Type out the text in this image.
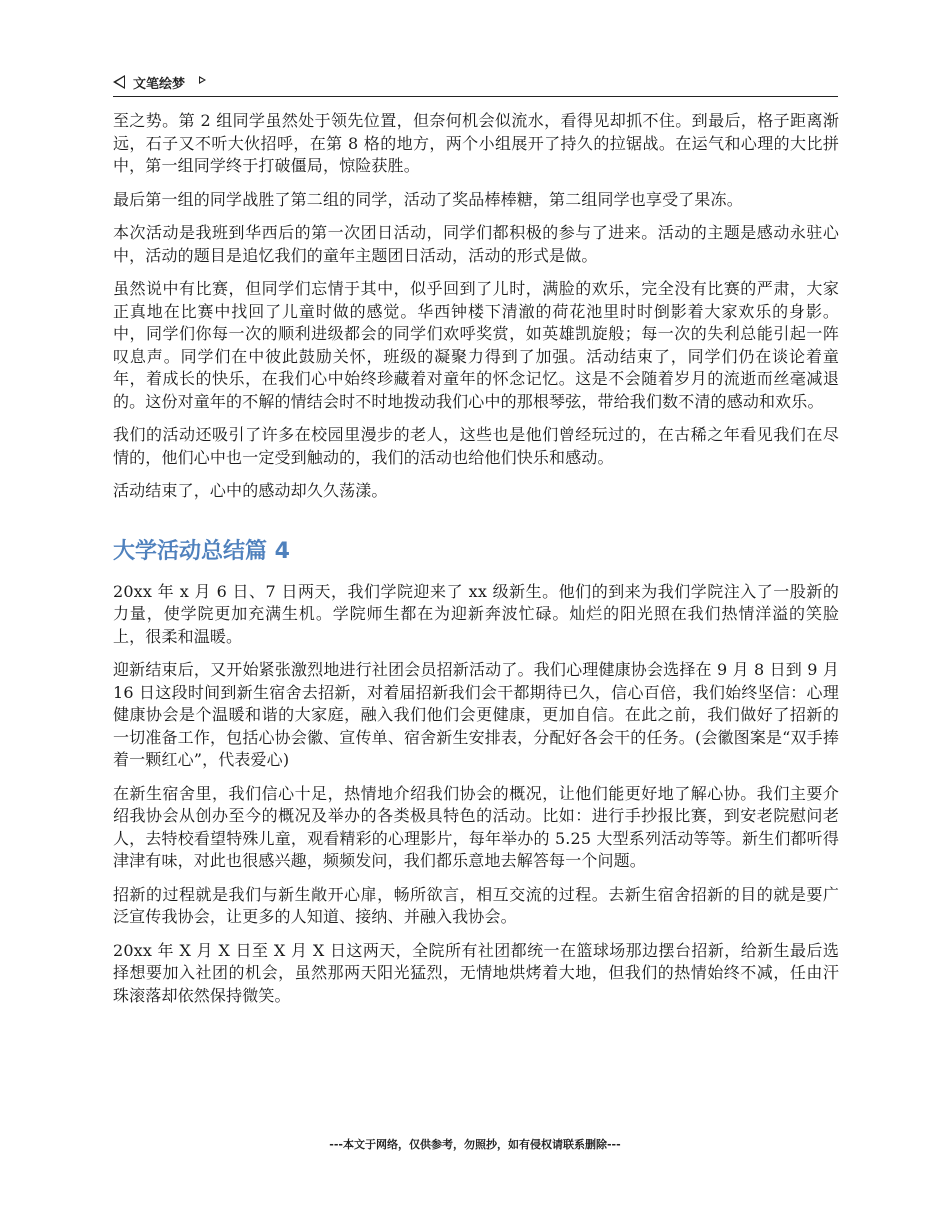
文笔绘梦

至之势。第 2 组同学虽然处于领先位置，但奈何机会似流水，看得见却抓不住。到最后，格子距离渐远，石子又不听大伙招呼，在第 8 格的地方，两个小组展开了持久的拉锯战。在运气和心理的大比拼中，第一组同学终于打破僵局，惊险获胜。

最后第一组的同学战胜了第二组的同学，活动了奖品棒棒糖，第二组同学也享受了果冻。

本次活动是我班到华西后的第一次团日活动，同学们都积极的参与了进来。活动的主题是感动永驻心中，活动的题目是追忆我们的童年主题团日活动，活动的形式是做。

虽然说中有比赛，但同学们忘情于其中，似乎回到了儿时，满脸的欢乐，完全没有比赛的严肃，大家正真地在比赛中找回了儿童时做的感觉。华西钟楼下清澈的荷花池里时时倒影着大家欢乐的身影。中，同学们你每一次的顺利进级都会的同学们欢呼奖赏，如英雄凯旋般；每一次的失利总能引起一阵叹息声。同学们在中彼此鼓励关怀，班级的凝聚力得到了加强。活动结束了，同学们仍在谈论着童年，着成长的快乐，在我们心中始终珍藏着对童年的怀念记忆。这是不会随着岁月的流逝而丝毫减退的。这份对童年的不解的情结会时不时地拨动我们心中的那根琴弦，带给我们数不清的感动和欢乐。

我们的活动还吸引了许多在校园里漫步的老人，这些也是他们曾经玩过的，在古稀之年看见我们在尽情的，他们心中也一定受到触动的，我们的活动也给他们快乐和感动。

活动结束了，心中的感动却久久荡漾。

大学活动总结篇 4

20xx 年 x 月 6 日、7 日两天，我们学院迎来了 xx 级新生。他们的到来为我们学院注入了一股新的力量，使学院更加充满生机。学院师生都在为迎新奔波忙碌。灿烂的阳光照在我们热情洋溢的笑脸上，很柔和温暖。

迎新结束后，又开始紧张激烈地进行社团会员招新活动了。我们心理健康协会选择在 9 月 8 日到 9 月 16 日这段时间到新生宿舍去招新，对着届招新我们会干都期待已久，信心百倍，我们始终坚信：心理健康协会是个温暖和谐的大家庭，融入我们他们会更健康，更加自信。在此之前，我们做好了招新的一切准备工作，包括心协会徽、宣传单、宿舍新生安排表，分配好各会干的任务。(会徽图案是“双手捧着一颗红心”，代表爱心)

在新生宿舍里，我们信心十足，热情地介绍我们协会的概况，让他们能更好地了解心协。我们主要介绍我协会从创办至今的概况及举办的各类极具特色的活动。比如：进行手抄报比赛，到安老院慰问老人，去特校看望特殊儿童，观看精彩的心理影片，每年举办的 5.25 大型系列活动等等。新生们都听得津津有味，对此也很感兴趣，频频发问，我们都乐意地去解答每一个问题。

招新的过程就是我们与新生敞开心扉，畅所欲言，相互交流的过程。去新生宿舍招新的目的就是要广泛宣传我协会，让更多的人知道、接纳、并融入我协会。

20xx 年 X 月 X 日至 X 月 X 日这两天，全院所有社团都统一在篮球场那边摆台招新，给新生最后选择想要加入社团的机会，虽然那两天阳光猛烈，无情地烘烤着大地，但我们的热情始终不减，任由汗珠滚落却依然保持微笑。

---本文于网络，仅供参考，勿照抄，如有侵权请联系删除---
